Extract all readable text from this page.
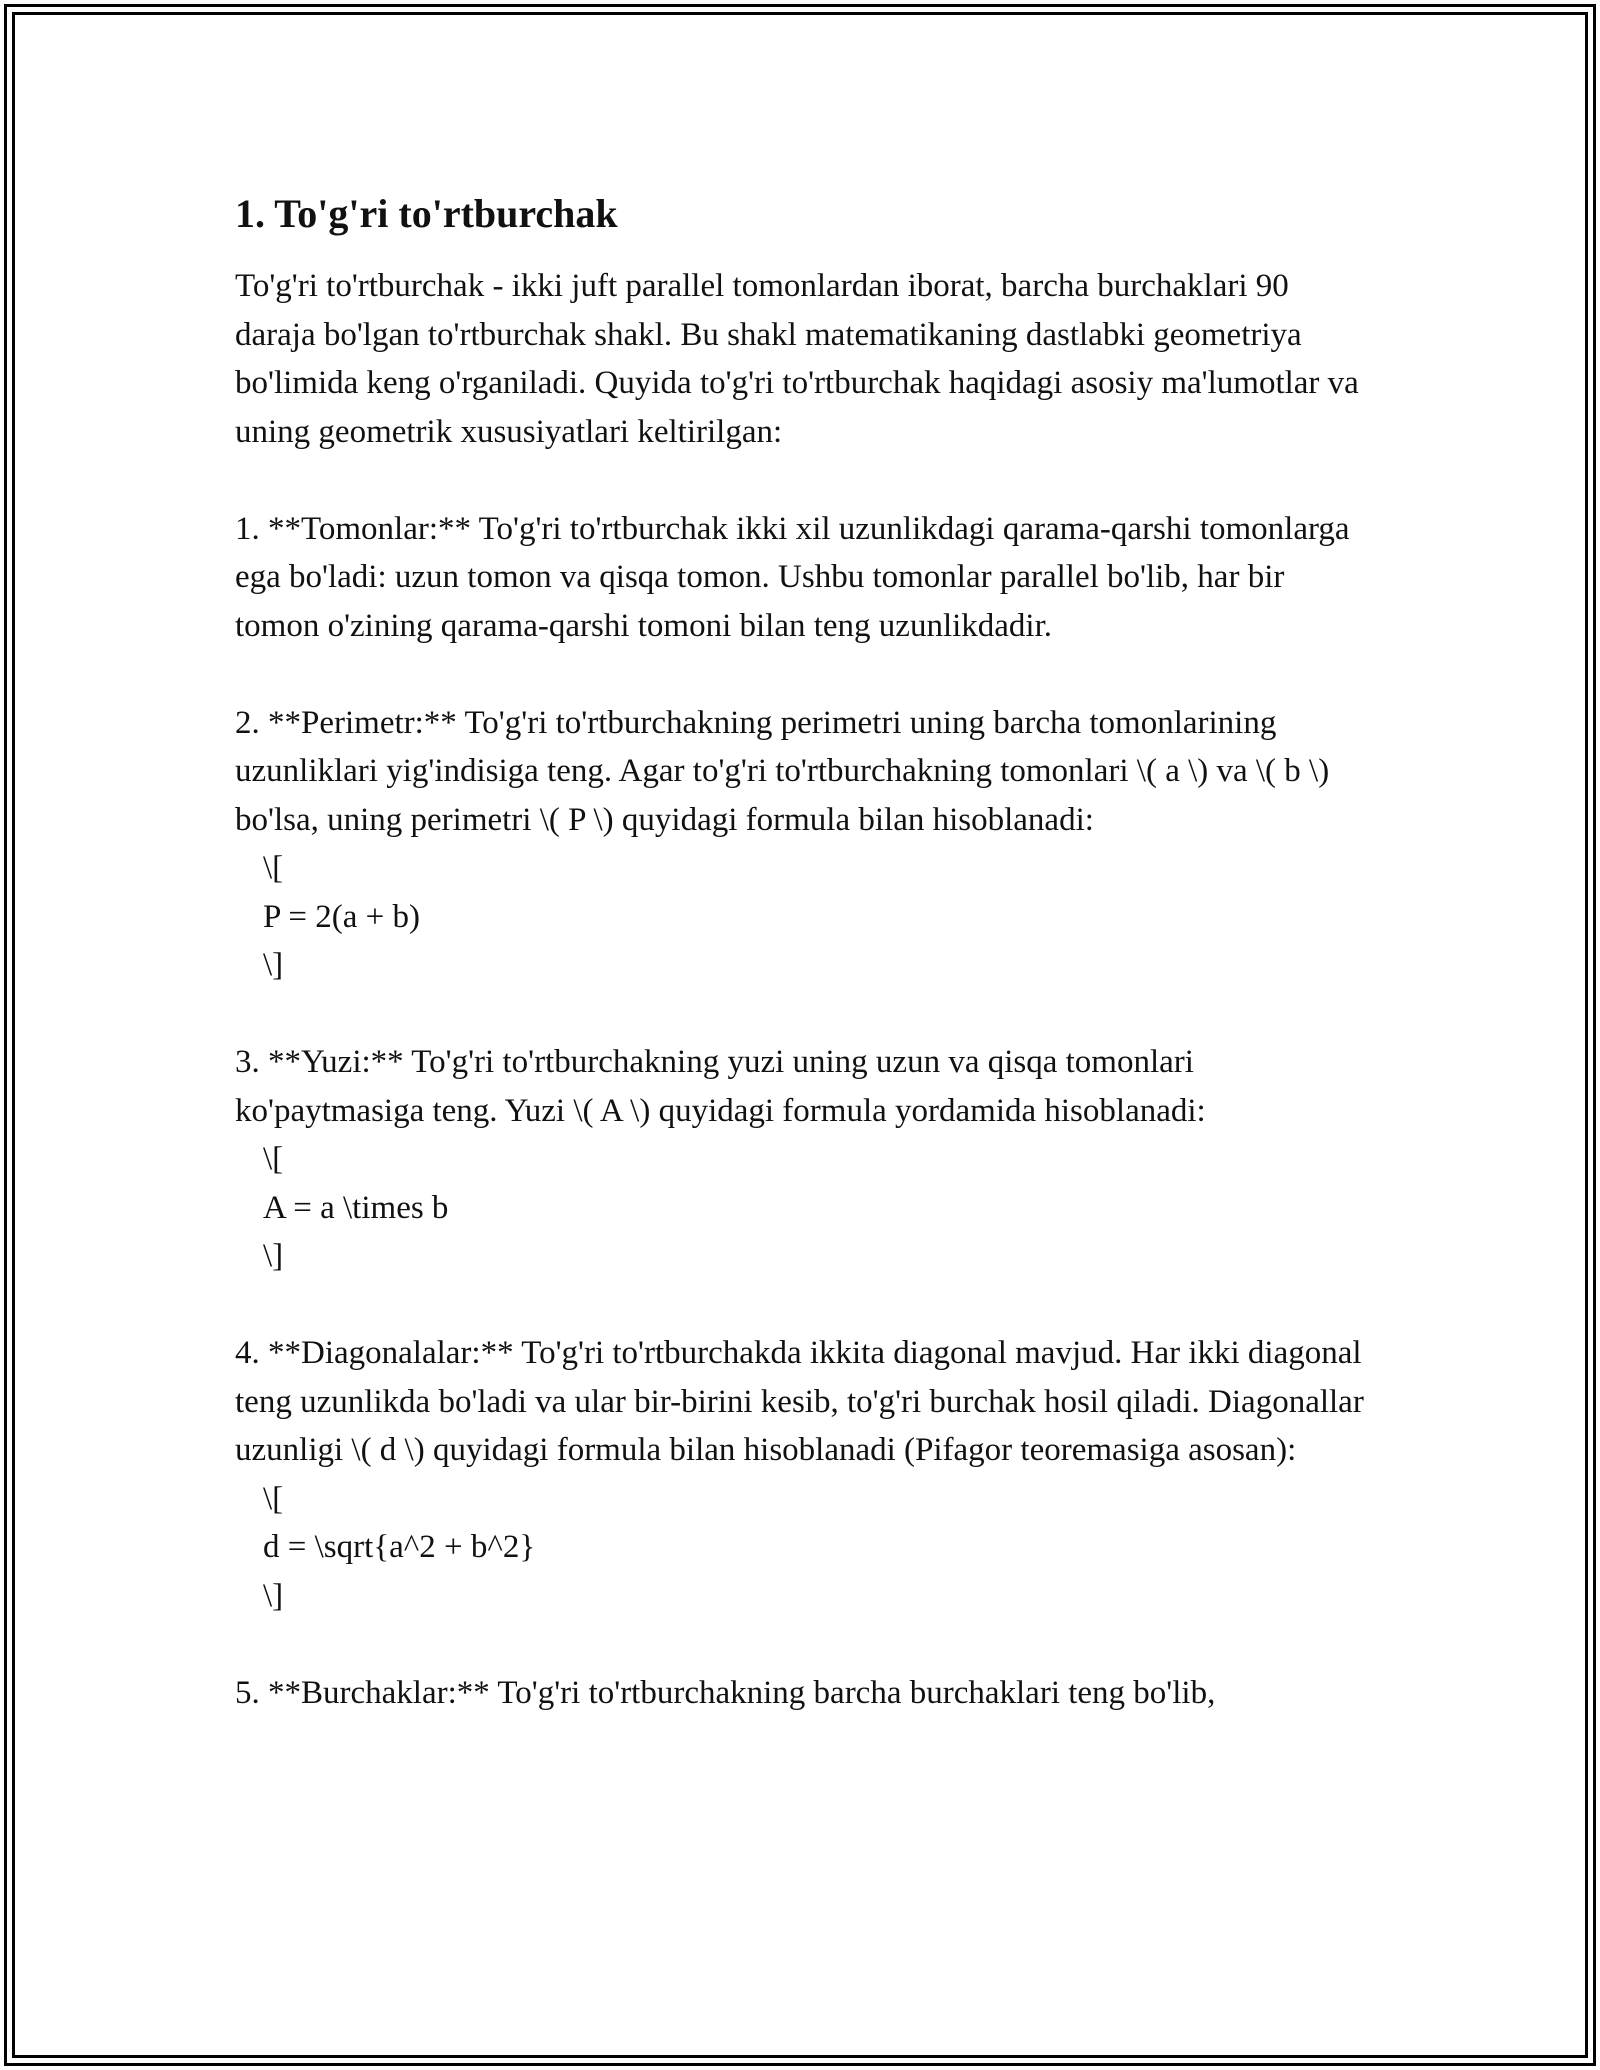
1. To'g'ri to'rtburchak

To'g'ri to'rtburchak - ikki juft parallel tomonlardan iborat, barcha burchaklari 90 daraja bo'lgan to'rtburchak shakl. Bu shakl matematikaning dastlabki geometriya bo'limida keng o'rganiladi. Quyida to'g'ri to'rtburchak haqidagi asosiy ma'lumotlar va uning geometrik xususiyatlari keltirilgan:

1. **Tomonlar:** To'g'ri to'rtburchak ikki xil uzunlikdagi qarama-qarshi tomonlarga ega bo'ladi: uzun tomon va qisqa tomon. Ushbu tomonlar parallel bo'lib, har bir tomon o'zining qarama-qarshi tomoni bilan teng uzunlikdadir.

2. **Perimetr:** To'g'ri to'rtburchakning perimetri uning barcha tomonlarining uzunliklari yig'indisiga teng. Agar to'g'ri to'rtburchakning tomonlari \( a \) va \( b \) bo'lsa, uning perimetri \( P \) quyidagi formula bilan hisoblanadi:

\[

P = 2(a + b)

\]

3. **Yuzi:** To'g'ri to'rtburchakning yuzi uning uzun va qisqa tomonlari ko'paytmasiga teng. Yuzi \( A \) quyidagi formula yordamida hisoblanadi:

\[

A = a \times b

\]

4. **Diagonalalar:** To'g'ri to'rtburchakda ikkita diagonal mavjud. Har ikki diagonal teng uzunlikda bo'ladi va ular bir-birini kesib, to'g'ri burchak hosil qiladi. Diagonallar uzunligi \( d \) quyidagi formula bilan hisoblanadi (Pifagor teoremasiga asosan):

\[

d = \sqrt{a^2 + b^2}

\]

5. **Burchaklar:** To'g'ri to'rtburchakning barcha burchaklari teng bo'lib,
